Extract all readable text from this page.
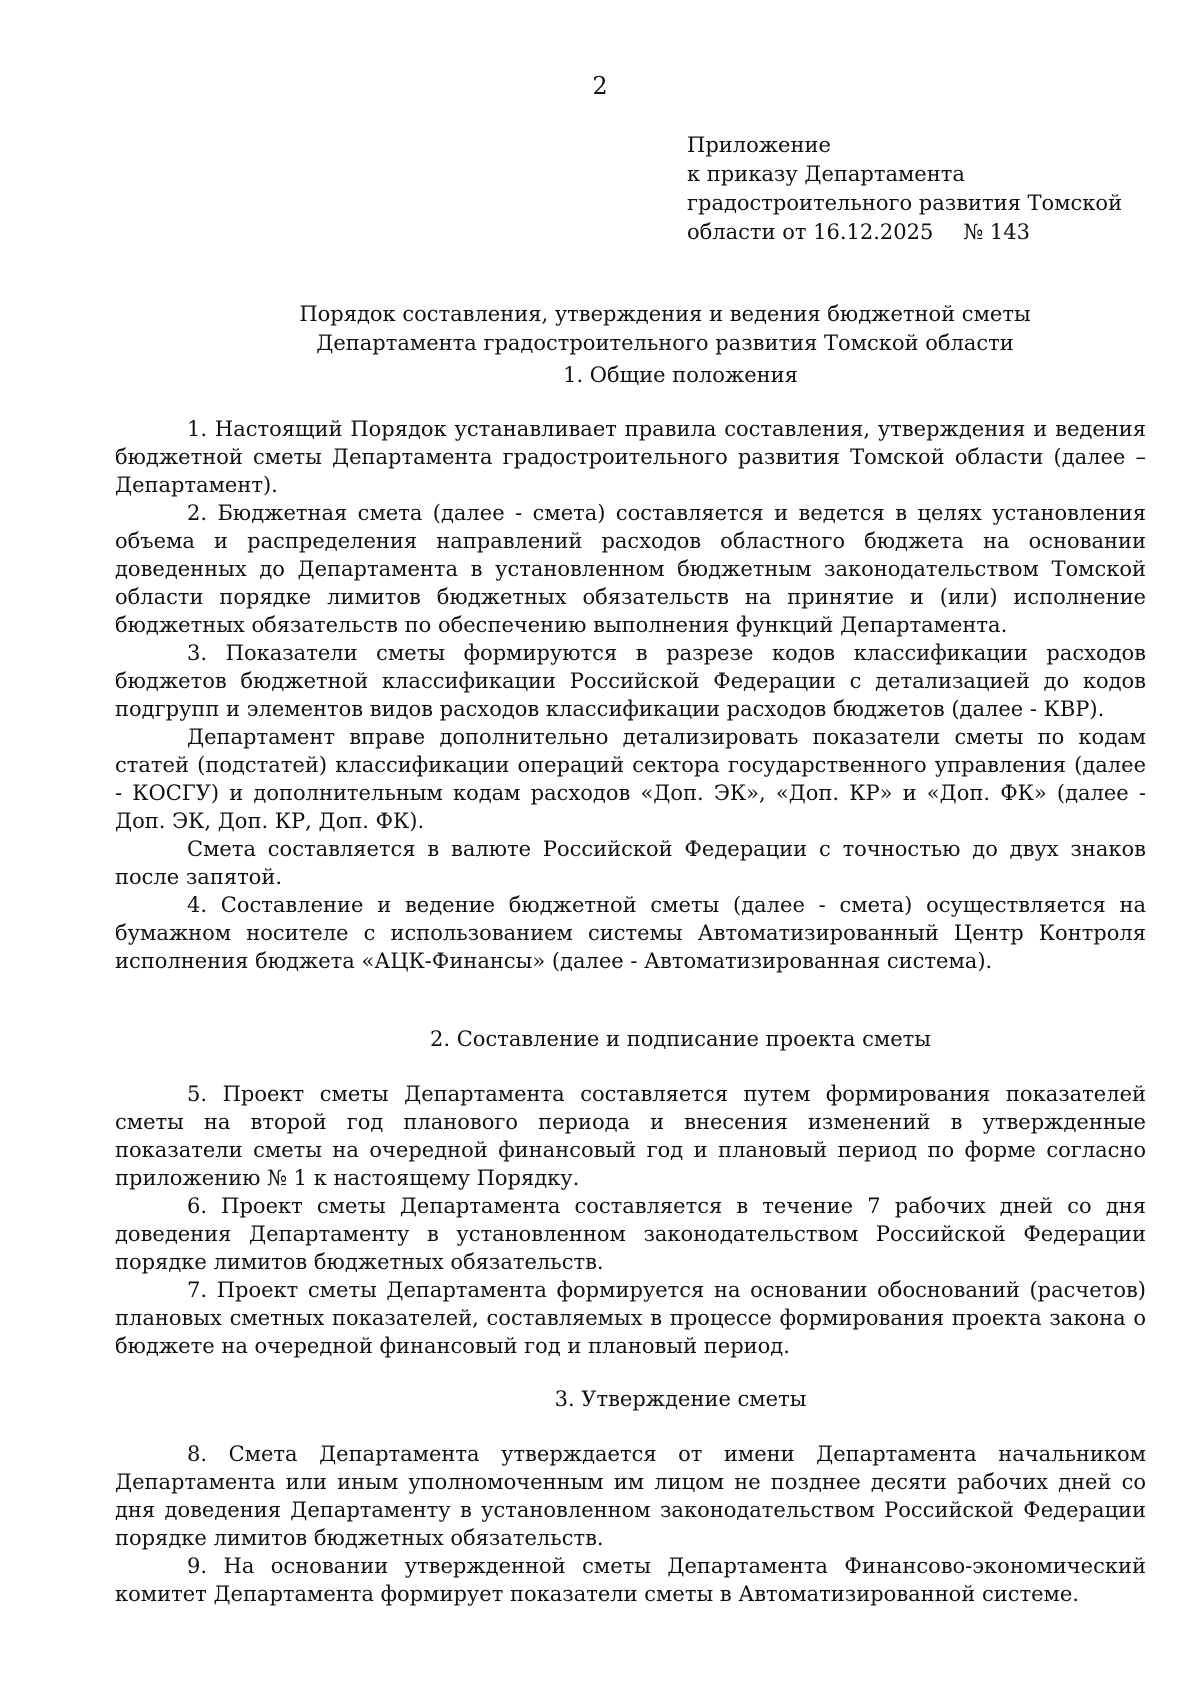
2
Приложение
к приказу Департамента
градостроительного развития Томской
области от 16.12.2025 № 143
Порядок составления, утверждения и ведения бюджетной сметы
Департамента градостроительного развития Томской области
1. Общие положения

1. Настоящий Порядок устанавливает правила составления, утверждения и ведения бюджетной сметы Департамента градостроительного развития Томской области (далее – Департамент).

2. Бюджетная смета (далее - смета) составляется и ведется в целях установления объема и распределения направлений расходов областного бюджета на основании доведенных до Департамента в установленном бюджетным законодательством Томской области порядке лимитов бюджетных обязательств на принятие и (или) исполнение бюджетных обязательств по обеспечению выполнения функций Департамента.

3. Показатели сметы формируются в разрезе кодов классификации расходов бюджетов бюджетной классификации Российской Федерации с детализацией до кодов подгрупп и элементов видов расходов классификации расходов бюджетов (далее - КВР).

Департамент вправе дополнительно детализировать показатели сметы по кодам статей (подстатей) классификации операций сектора государственного управления (далее - КОСГУ) и дополнительным кодам расходов «Доп. ЭК», «Доп. КР» и «Доп. ФК» (далее - Доп. ЭК, Доп. КР, Доп. ФК).

Смета составляется в валюте Российской Федерации с точностью до двух знаков после запятой.

4. Составление и ведение бюджетной сметы (далее - смета) осуществляется на бумажном носителе с использованием системы Автоматизированный Центр Контроля исполнения бюджета «АЦК-Финансы» (далее - Автоматизированная система).

2. Составление и подписание проекта сметы

5. Проект сметы Департамента составляется путем формирования показателей сметы на второй год планового периода и внесения изменений в утвержденные показатели сметы на очередной финансовый год и плановый период по форме согласно приложению № 1 к настоящему Порядку.

6. Проект сметы Департамента составляется в течение 7 рабочих дней со дня доведения Департаменту в установленном законодательством Российской Федерации порядке лимитов бюджетных обязательств.

7. Проект сметы Департамента формируется на основании обоснований (расчетов) плановых сметных показателей, составляемых в процессе формирования проекта закона о бюджете на очередной финансовый год и плановый период.

3. Утверждение сметы

8. Смета Департамента утверждается от имени Департамента начальником Департамента или иным уполномоченным им лицом не позднее десяти рабочих дней со дня доведения Департаменту в установленном законодательством Российской Федерации порядке лимитов бюджетных обязательств.

9. На основании утвержденной сметы Департамента Финансово-экономический комитет Департамента формирует показатели сметы в Автоматизированной системе.
